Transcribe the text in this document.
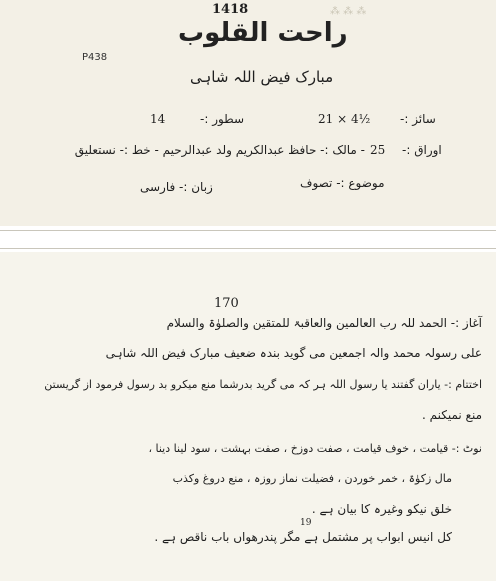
⁂ ⁂ ⁂
1418
راحت القلوب
P438
مبارک فیض اللہ شاہی
سائز :-
21 × 4½
سطور :-
14
اوراق :-
25
- مالک :- حافظ عبدالکریم ولد عبدالرحیم - خط :- نستعلیق
موضوع :- تصوف
زبان :- فارسی
170
آغاز :- الحمد للہ رب العالمین والعاقبۃ للمتقین والصلوٰۃ والسلام
علی رسولہ محمد والہ اجمعین می گوید بندہ ضعیف مبارک فیض اللہ شاہی
اختتام :- یاران گفتند یا رسول اللہ ہر کہ می گرید بدرشما منع میکرو بد رسول فرمود از گریستن
منع نمیکنم .
نوٹ :- قیامت ، خوف قیامت ، صفت دوزخ ، صفت بہشت ، سود لینا دینا ،
مال زکوٰۃ ، خمر خوردن ، فضیلت نماز روزہ ، منع دروغ وکذب
خلق نیکو وغیرہ کا بیان ہے .
19
کل انیس ابواب پر مشتمل ہے مگر پندرھواں باب ناقص ہے .
